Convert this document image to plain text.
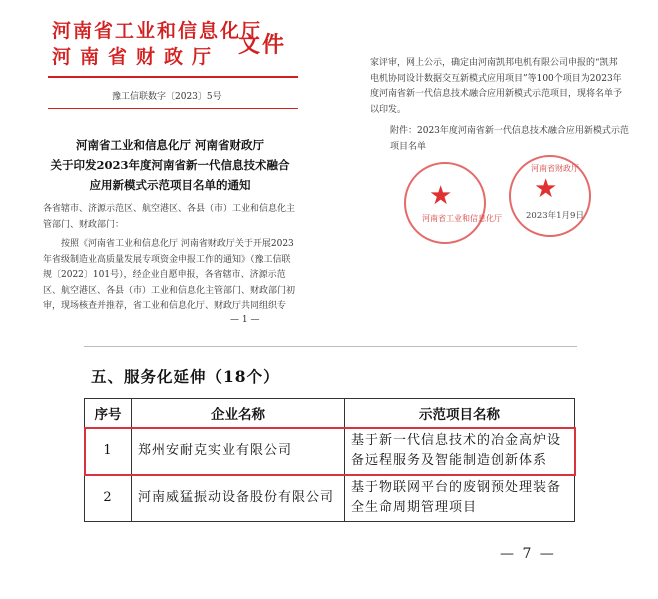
河南省工业和信息化厅
河南省财政厅 文件
豫工信联数字〔2023〕5号
河南省工业和信息化厅 河南省财政厅
关于印发2023年度河南省新一代信息技术融合
应用新模式示范项目名单的通知
各省辖市、济源示范区、航空港区、各县（市）工业和信息化主管部门、财政部门：
按照《河南省工业和信息化厅 河南省财政厅关于开展2023年省级制造业高质量发展专项资金申报工作的通知》（豫工信联规〔2022〕101号），经企业自愿申报，各省辖市、济源示范区、航空港区、各县（市）工业和信息化主管部门、财政部门初审，现场核查并推荐，省工业和信息化厅、财政厅共同组织专
— 1 —
家评审，网上公示，确定由河南凯邦电机有限公司申报的“凯邦电机协同设计数据交互新模式应用项目”等100个项目为2023年度河南省新一代信息技术融合应用新模式示范项目，现将名单予以印发。
附件：2023年度河南省新一代信息技术融合应用新模式示范项目名单
★
河南省工业和信息化厅
★
河南省财政厅
2023年1月9日
五、服务化延伸（18个）
序号	企业名称	示范项目名称
1	郑州安耐克实业有限公司	基于新一代信息技术的冶金高炉设备远程服务及智能制造创新体系
2	河南威猛振动设备股份有限公司	基于物联网平台的废钢预处理装备全生命周期管理项目
— 7 —
